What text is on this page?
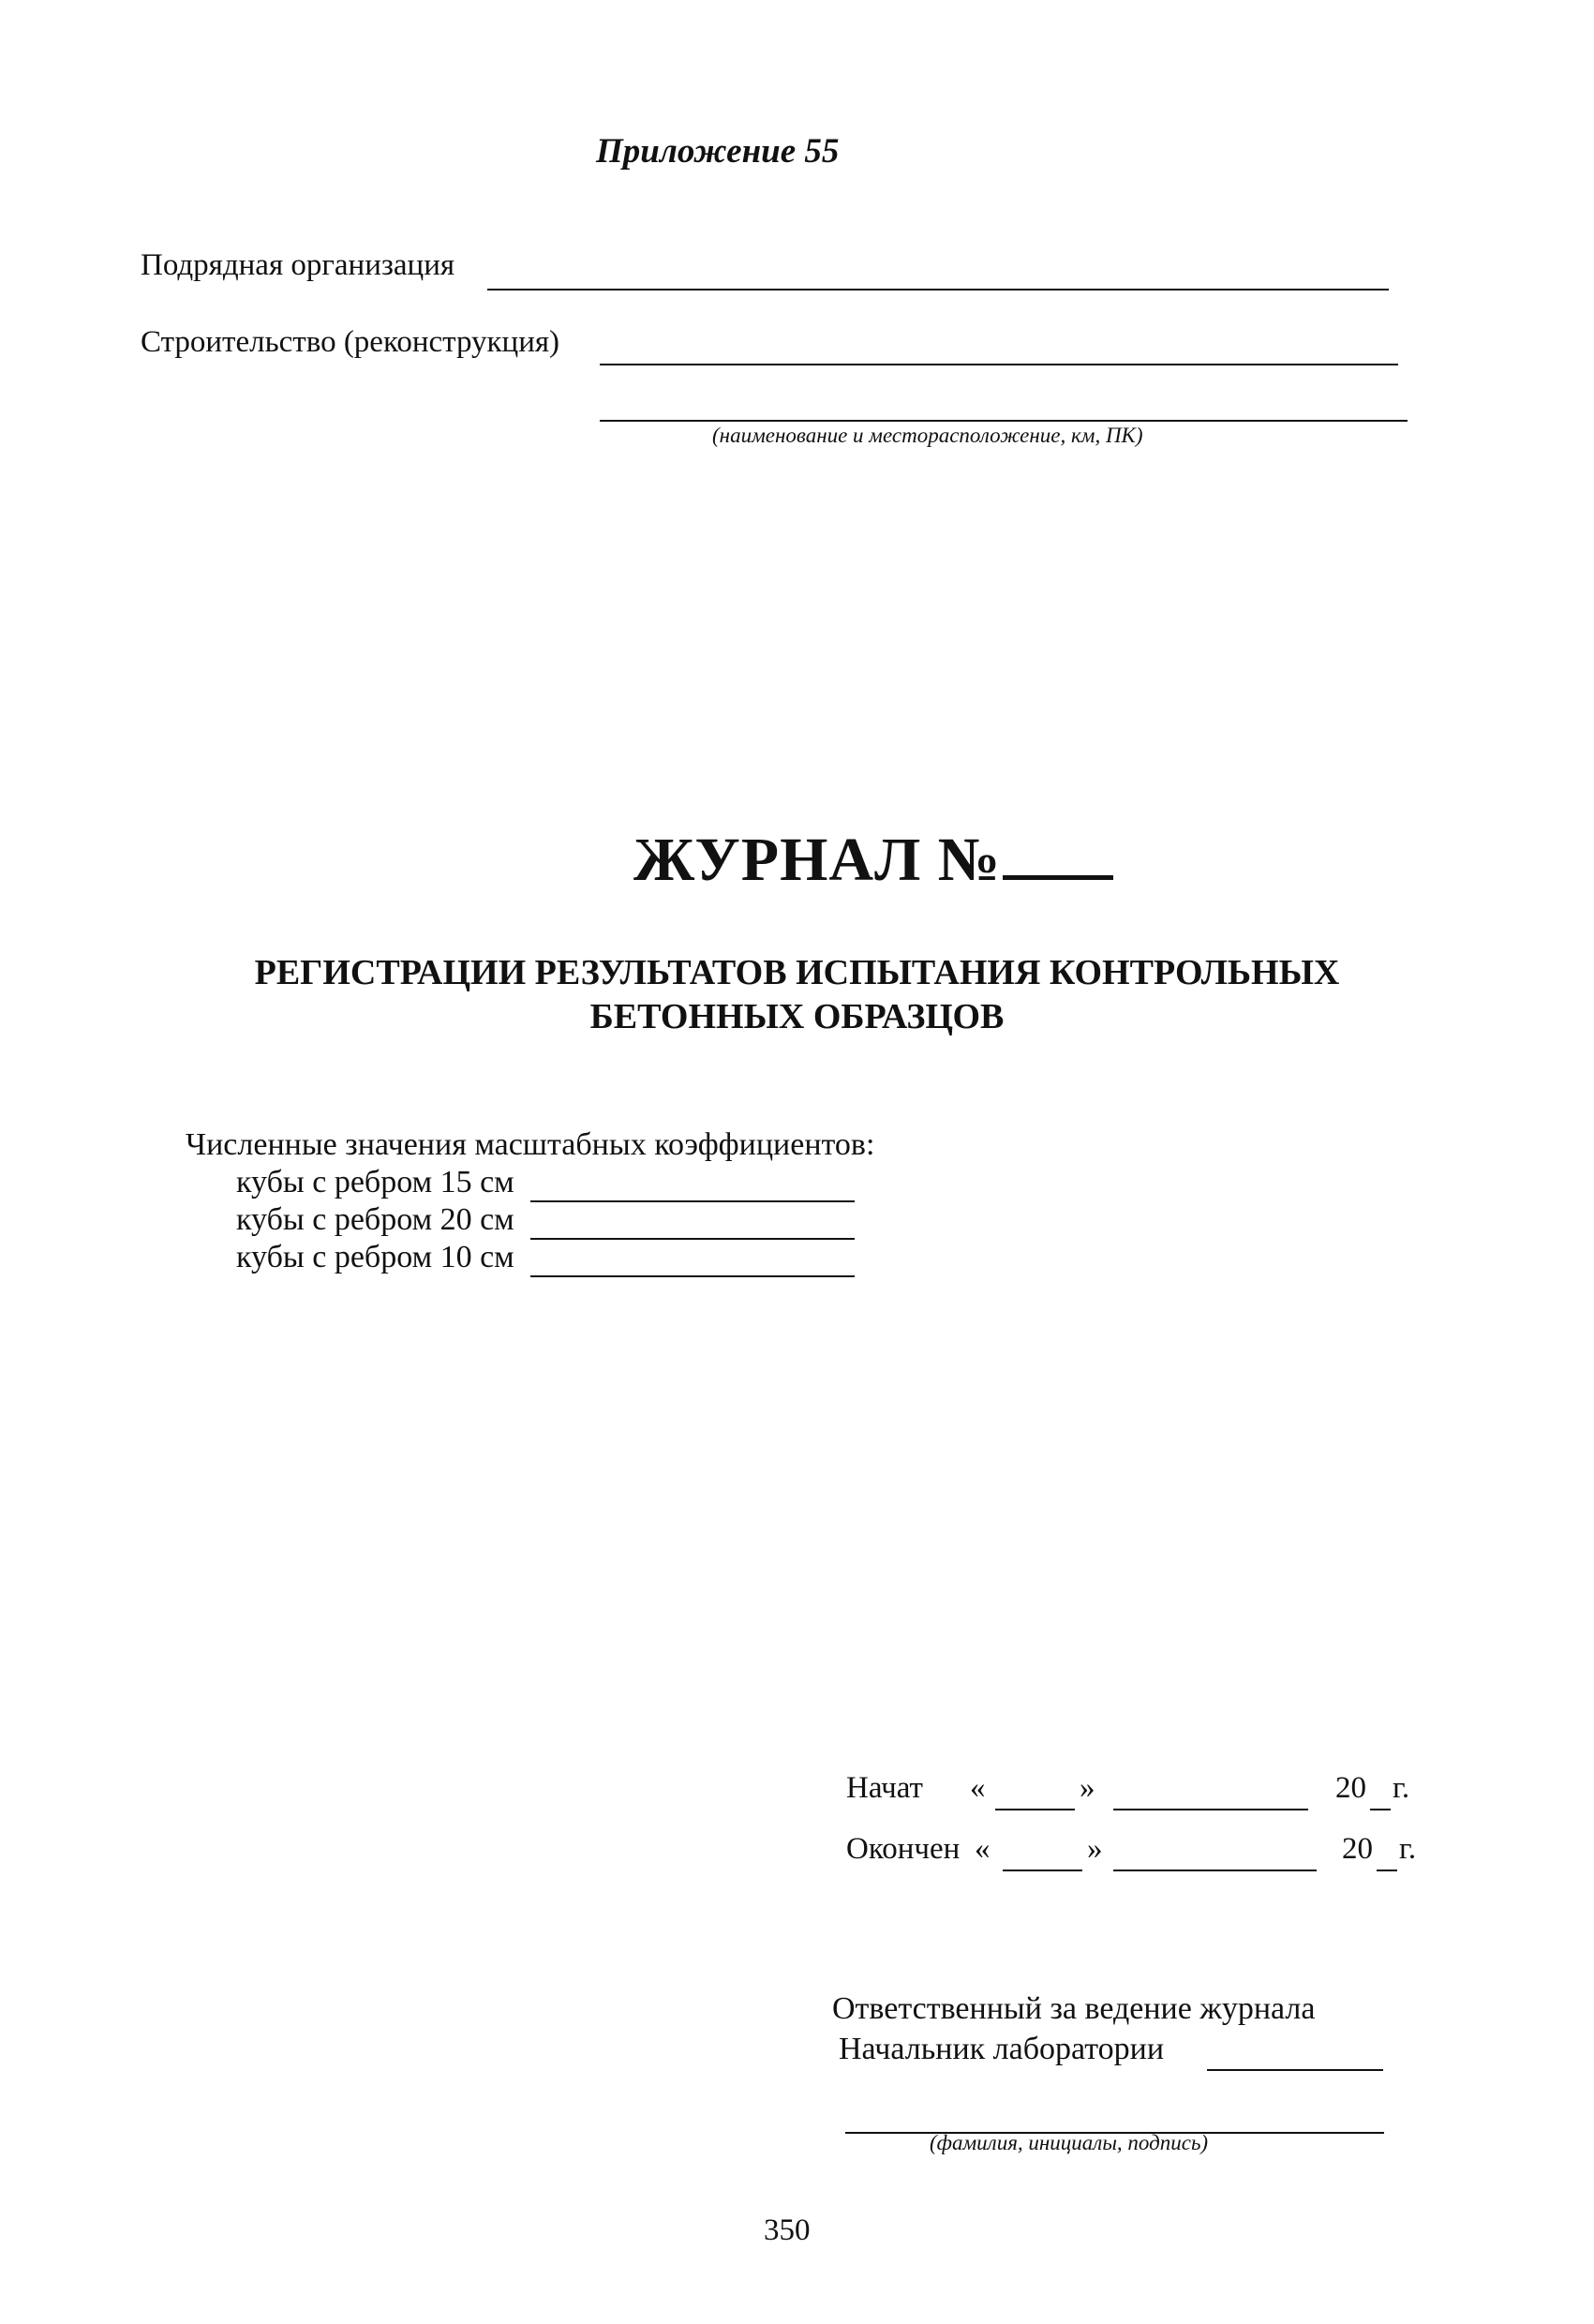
Приложение 55
Подрядная организация
Строительство (реконструкция)
(наименование и месторасположение, км, ПК)
ЖУРНАЛ №
РЕГИСТРАЦИИ РЕЗУЛЬТАТОВ ИСПЫТАНИЯ КОНТРОЛЬНЫХ
БЕТОННЫХ ОБРАЗЦОВ
Численные значения масштабных коэффициентов:
кубы с ребром 15 см
кубы с ребром 20 см
кубы с ребром 10 см
Начат «	»	20 г.
Окончен «	»	20 г.
Ответственный за ведение журнала
Начальник лаборатории
(фамилия, инициалы, подпись)
350
